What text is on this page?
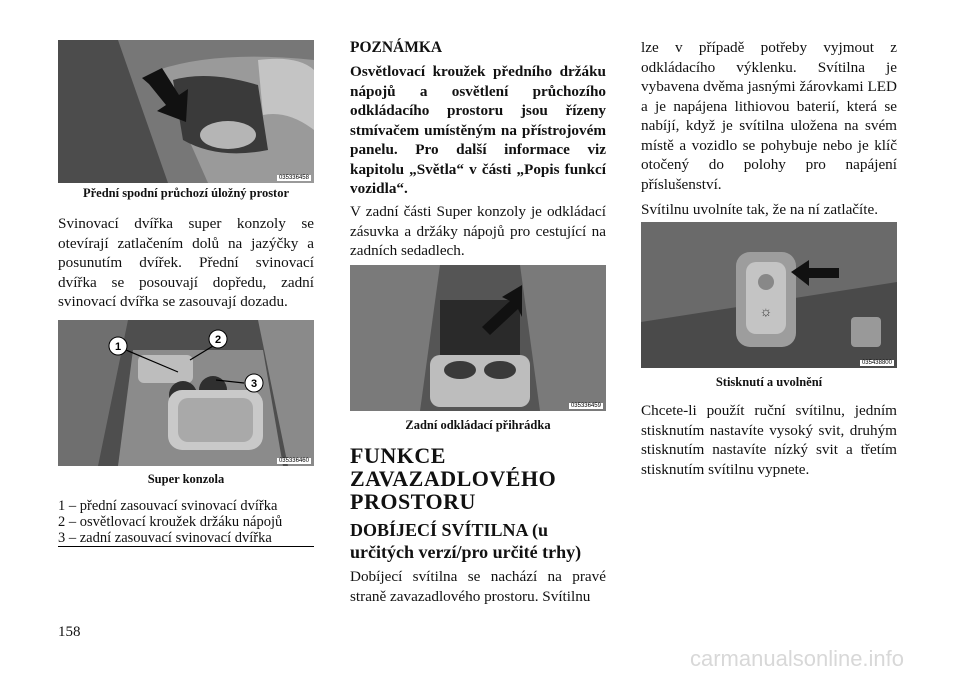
035336458
Přední spodní průchozí úložný prostor

Svinovací dvířka super konzoly se otevírají zatlačením dolů na jazýčky a posunutím dvířek. Přední svinovací dvířka se posouvají dopředu, zadní svinovací dvířka se zasouvají dozadu.

1
2
3
035336460
Super konzola
1 – přední zasouvací svinovací dvířka
2 – osvětlovací kroužek držáku nápojů
3 – zadní zasouvací svinovací dvířka
POZNÁMKA

Osvětlovací kroužek předního držáku nápojů a osvětlení průchozího odkládacího prostoru jsou řízeny stmívačem umístěným na přístrojovém panelu. Pro další informace viz kapitolu „Světla“ v části „Popis funkcí vozidla“.

V zadní části Super konzoly je odkládací zásuvka a držáky nápojů pro cestující na zadních sedadlech.

035336459
Zadní odkládací přihrádka
FUNKCE ZAVAZADLOVÉHO PROSTORU
DOBÍJECÍ SVÍTILNA (u určitých verzí/pro určité trhy)

Dobíjecí svítilna se nachází na pravé straně zavazadlového prostoru. Svítilnu

lze v případě potřeby vyjmout z odkládacího výklenku. Svítilna je vybavena dvěma jasnými žárovkami LED a je napájena lithiovou baterií, která se nabíjí, když je svítilna uložena na svém místě a vozidlo se pohybuje nebo je klíč otočený do polohy pro napájení příslušenství.

Svítilnu uvolníte tak, že na ní zatlačíte.

☼
035438800
Stisknutí a uvolnění

Chcete-li použít ruční svítilnu, jedním stisknutím nastavíte vysoký svit, druhým stisknutím nastavíte nízký svit a třetím stisknutím svítilnu vypnete.

158
carmanualsonline.info
